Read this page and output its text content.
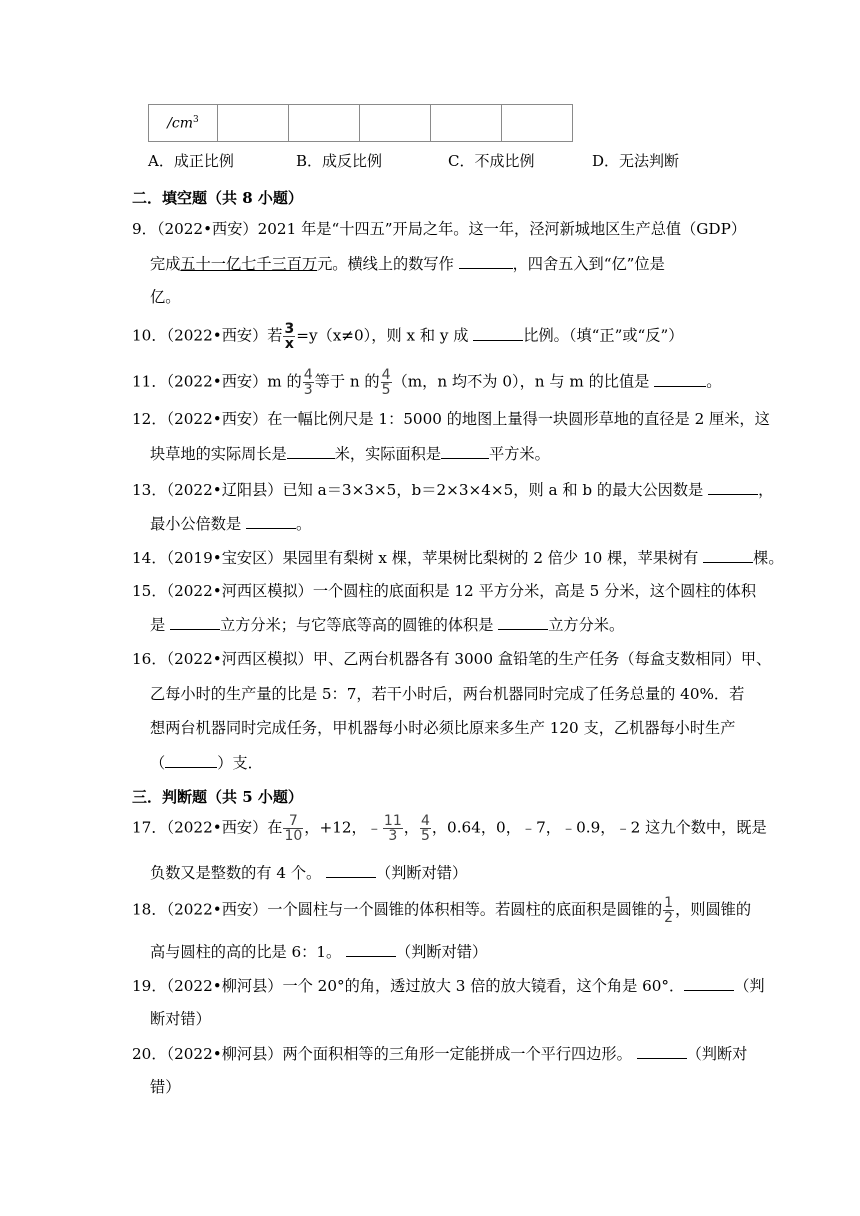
$/cm^3$					
A．成正比例	B．成反比例	C．不成比例	D．无法判断
二．填空题（共 8 小题）
9．（2022•西安）2021 年是“十四五”开局之年。这一年，泾河新城地区生产总值（GDP）
完成五十一亿七千三百万元。横线上的数写作	，四舍五入到“亿”位是
亿。
10．（2022•西安）若 $\frac{3}{x} =y(x\ne 0)$，则 x 和 y 成	比例。（填“正”或“反”）
11．（2022•西安）m 的 $\frac{4}{3}$ 等于 n 的 $\frac{4}{5} (m$，n 均不为 0），n 与 m 的比值是	。
12．（2022•西安）在一幅比例尺是 1：5000 的地图上量得一块圆形草地的直径是 2 厘米，这
块草地的实际周长是	米，实际面积是	平方米。
13．（2022•辽阳县）已知 a＝3×3×5，b＝2×3×4×5，则 a 和 b 的最大公因数是	，
最小公倍数是	。
14．（2019•宝安区）果园里有梨树 x 棵，苹果树比梨树的 2 倍少 10 棵，苹果树有	棵。
15．（2022•河西区模拟）一个圆柱的底面积是 12 平方分米，高是 5 分米，这个圆柱的体积
是	立方分米；与它等底等高的圆锥的体积是	立方分米。
16．（2022•河西区模拟）甲、乙两台机器各有 3000 盒铅笔的生产任务（每盒支数相同）甲、
乙每小时的生产量的比是 5：7，若干小时后，两台机器同时完成了任务总量的 40%．若
想两台机器同时完成任务，甲机器每小时必须比原来多生产 120 支，乙机器每小时生产
（	）支．
三．判断题（共 5 小题）
17．（2022•西安）在 $\frac{7}{10}$ ，+12，﹣ $\frac{11}{3}$ ， $\frac{4}{5}$ ，0.64，0，﹣7，﹣0.9，﹣2 这九个数中，既是
负数又是整数的有 4 个。	（判断对错）
18．（2022•西安）一个圆柱与一个圆锥的体积相等。若圆柱的底面积是圆锥的 $\frac{1}{2}$ ，则圆锥的
高与圆柱的高的比是 6：1。	（判断对错）
19．（2022•柳河县）一个 20°的角，透过放大 3 倍的放大镜看，这个角是 60°．	（判
断对错）
20．（2022•柳河县）两个面积相等的三角形一定能拼成一个平行四边形。	（判断对
错）
